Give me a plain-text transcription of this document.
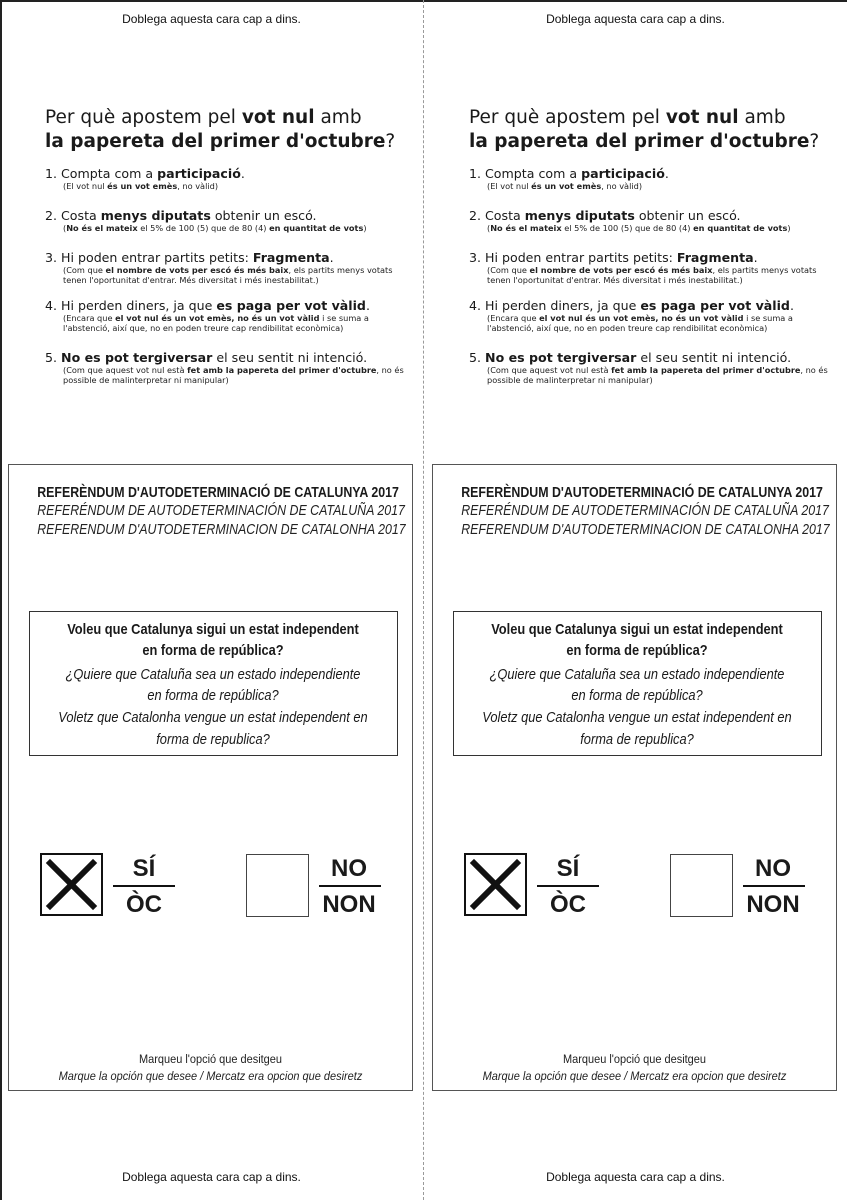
Doblega aquesta cara cap a dins.
Per què apostem pel vot nul amb
la papereta del primer d'octubre?
1. Compta com a participació.
(El vot nul és un vot emès, no vàlid)
2. Costa menys diputats obtenir un escó.
(No és el mateix el 5% de 100 (5) que de 80 (4) en quantitat de vots)
3. Hi poden entrar partits petits: Fragmenta.
(Com que el nombre de vots per escó és més baix, els partits menys votats tenen l'oportunitat d'entrar. Més diversitat i més inestabilitat.)
4. Hi perden diners, ja que es paga per vot vàlid.
(Encara que el vot nul és un vot emès, no és un vot vàlid i se suma a l'abstenció, així que, no en poden treure cap rendibilitat econòmica)
5. No es pot tergiversar el seu sentit ni intenció.
(Com que aquest vot nul està fet amb la papereta del primer d'octubre, no és possible de malinterpretar ni manipular)
REFERÈNDUM D'AUTODETERMINACIÓ DE CATALUNYA 2017
REFERÉNDUM DE AUTODETERMINACIÓN DE CATALUÑA 2017
REFERENDUM D'AUTODETERMINACION DE CATALONHA 2017
Voleu que Catalunya sigui un estat independent
en forma de república?
¿Quiere que Cataluña sea un estado independiente
en forma de república?
Voletz que Catalonha vengue un estat independent en
forma de republica?
SÍ
ÒC
NO
NON
Marqueu l'opció que desitgeu
Marque la opción que desee / Mercatz era opcion que desiretz
Doblega aquesta cara cap a dins.
Doblega aquesta cara cap a dins.
Per què apostem pel vot nul amb
la papereta del primer d'octubre?
1. Compta com a participació.
(El vot nul és un vot emès, no vàlid)
2. Costa menys diputats obtenir un escó.
(No és el mateix el 5% de 100 (5) que de 80 (4) en quantitat de vots)
3. Hi poden entrar partits petits: Fragmenta.
(Com que el nombre de vots per escó és més baix, els partits menys votats tenen l'oportunitat d'entrar. Més diversitat i més inestabilitat.)
4. Hi perden diners, ja que es paga per vot vàlid.
(Encara que el vot nul és un vot emès, no és un vot vàlid i se suma a l'abstenció, així que, no en poden treure cap rendibilitat econòmica)
5. No es pot tergiversar el seu sentit ni intenció.
(Com que aquest vot nul està fet amb la papereta del primer d'octubre, no és possible de malinterpretar ni manipular)
REFERÈNDUM D'AUTODETERMINACIÓ DE CATALUNYA 2017
REFERÉNDUM DE AUTODETERMINACIÓN DE CATALUÑA 2017
REFERENDUM D'AUTODETERMINACION DE CATALONHA 2017
Voleu que Catalunya sigui un estat independent
en forma de república?
¿Quiere que Cataluña sea un estado independiente
en forma de república?
Voletz que Catalonha vengue un estat independent en
forma de republica?
SÍ
ÒC
NO
NON
Marqueu l'opció que desitgeu
Marque la opción que desee / Mercatz era opcion que desiretz
Doblega aquesta cara cap a dins.
